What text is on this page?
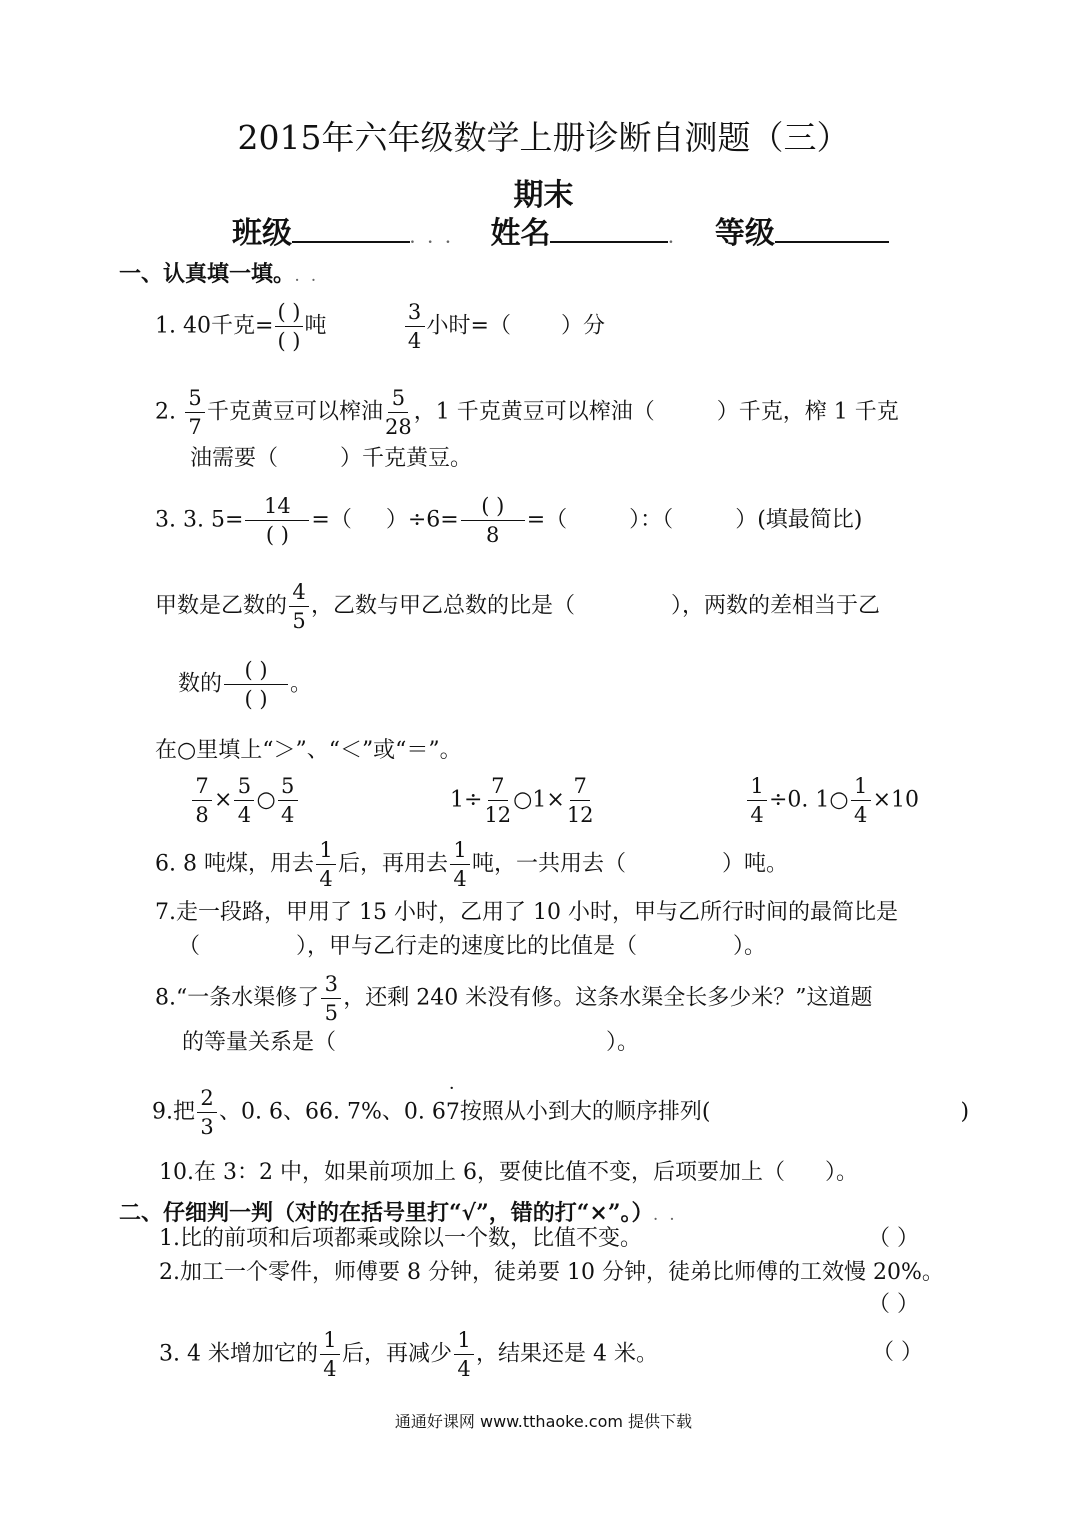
2015年六年级数学上册诊断自测题（三）
期末
班级	. . . 姓名	. 等级
一、认真填一填。. .
1. 40千克= $\frac{( )}{( )}$ 吨	$\frac{3}{4}$ 小时=（ ）分
2. $\frac{5}{7}$ 千克黄豆可以榨油 $\frac{5}{28}$ ，1 千克黄豆可以榨油（	）千克，榨 1 千克
油需要（	）千克黄豆。
3. 3. $5= \frac{14}{( )}$ =（ ）$\div 6= \frac{( )}{8}$ =（	）：（	）(填最简比)
甲数是乙数的 $\frac{4}{5}$ ，乙数与甲乙总数的比是（	），两数的差相当于乙
数的 $\frac{( )}{( )}$ 。
在○里填上“＞”、“＜”或“＝”。
$\frac{7}{8} \times \frac{5}{4}$ ○ $\frac{5}{4}$	$1\div \frac{7}{12}$ ○1× $\frac{7}{12}$	$\frac{1}{4} \div 0$. 1○ $\frac{1}{4} \times 10$
6. 8 吨煤，用去 $\frac{1}{4}$ 后，再用去 $\frac{1}{4}$ 吨，一共用去（	）吨。
7.走一段路，甲用了 15 小时，乙用了 10 小时，甲与乙所行时间的最简比是
（	），甲与乙行走的速度比的比值是（	）。
8.“一条水渠修了 $\frac{3}{5}$ ，还剩 240 米没有修。这条水渠全长多少米？”这道题
的等量关系是（	）。
9.把 $\frac{2}{3}$ 、0. 6、66. 7%、0. 6· 7按照从小到大的顺序排列(	)
10.在 3：2 中，如果前项加上 6，要使比值不变，后项要加上（ ）。
二、仔细判一判（对的在括号里打“√”，错的打“×”。）. .
1.比的前项和后项都乘或除以一个数，比值不变。	（ ）
2.加工一个零件，师傅要 8 分钟，徒弟要 10 分钟，徒弟比师傅的工效慢 20%。
（ ）
3. 4 米增加它的 $\frac{1}{4}$ 后，再减少 $\frac{1}{4}$ ，结果还是 4 米。	（ ）
通通好课网 www.tthaoke.com 提供下载
